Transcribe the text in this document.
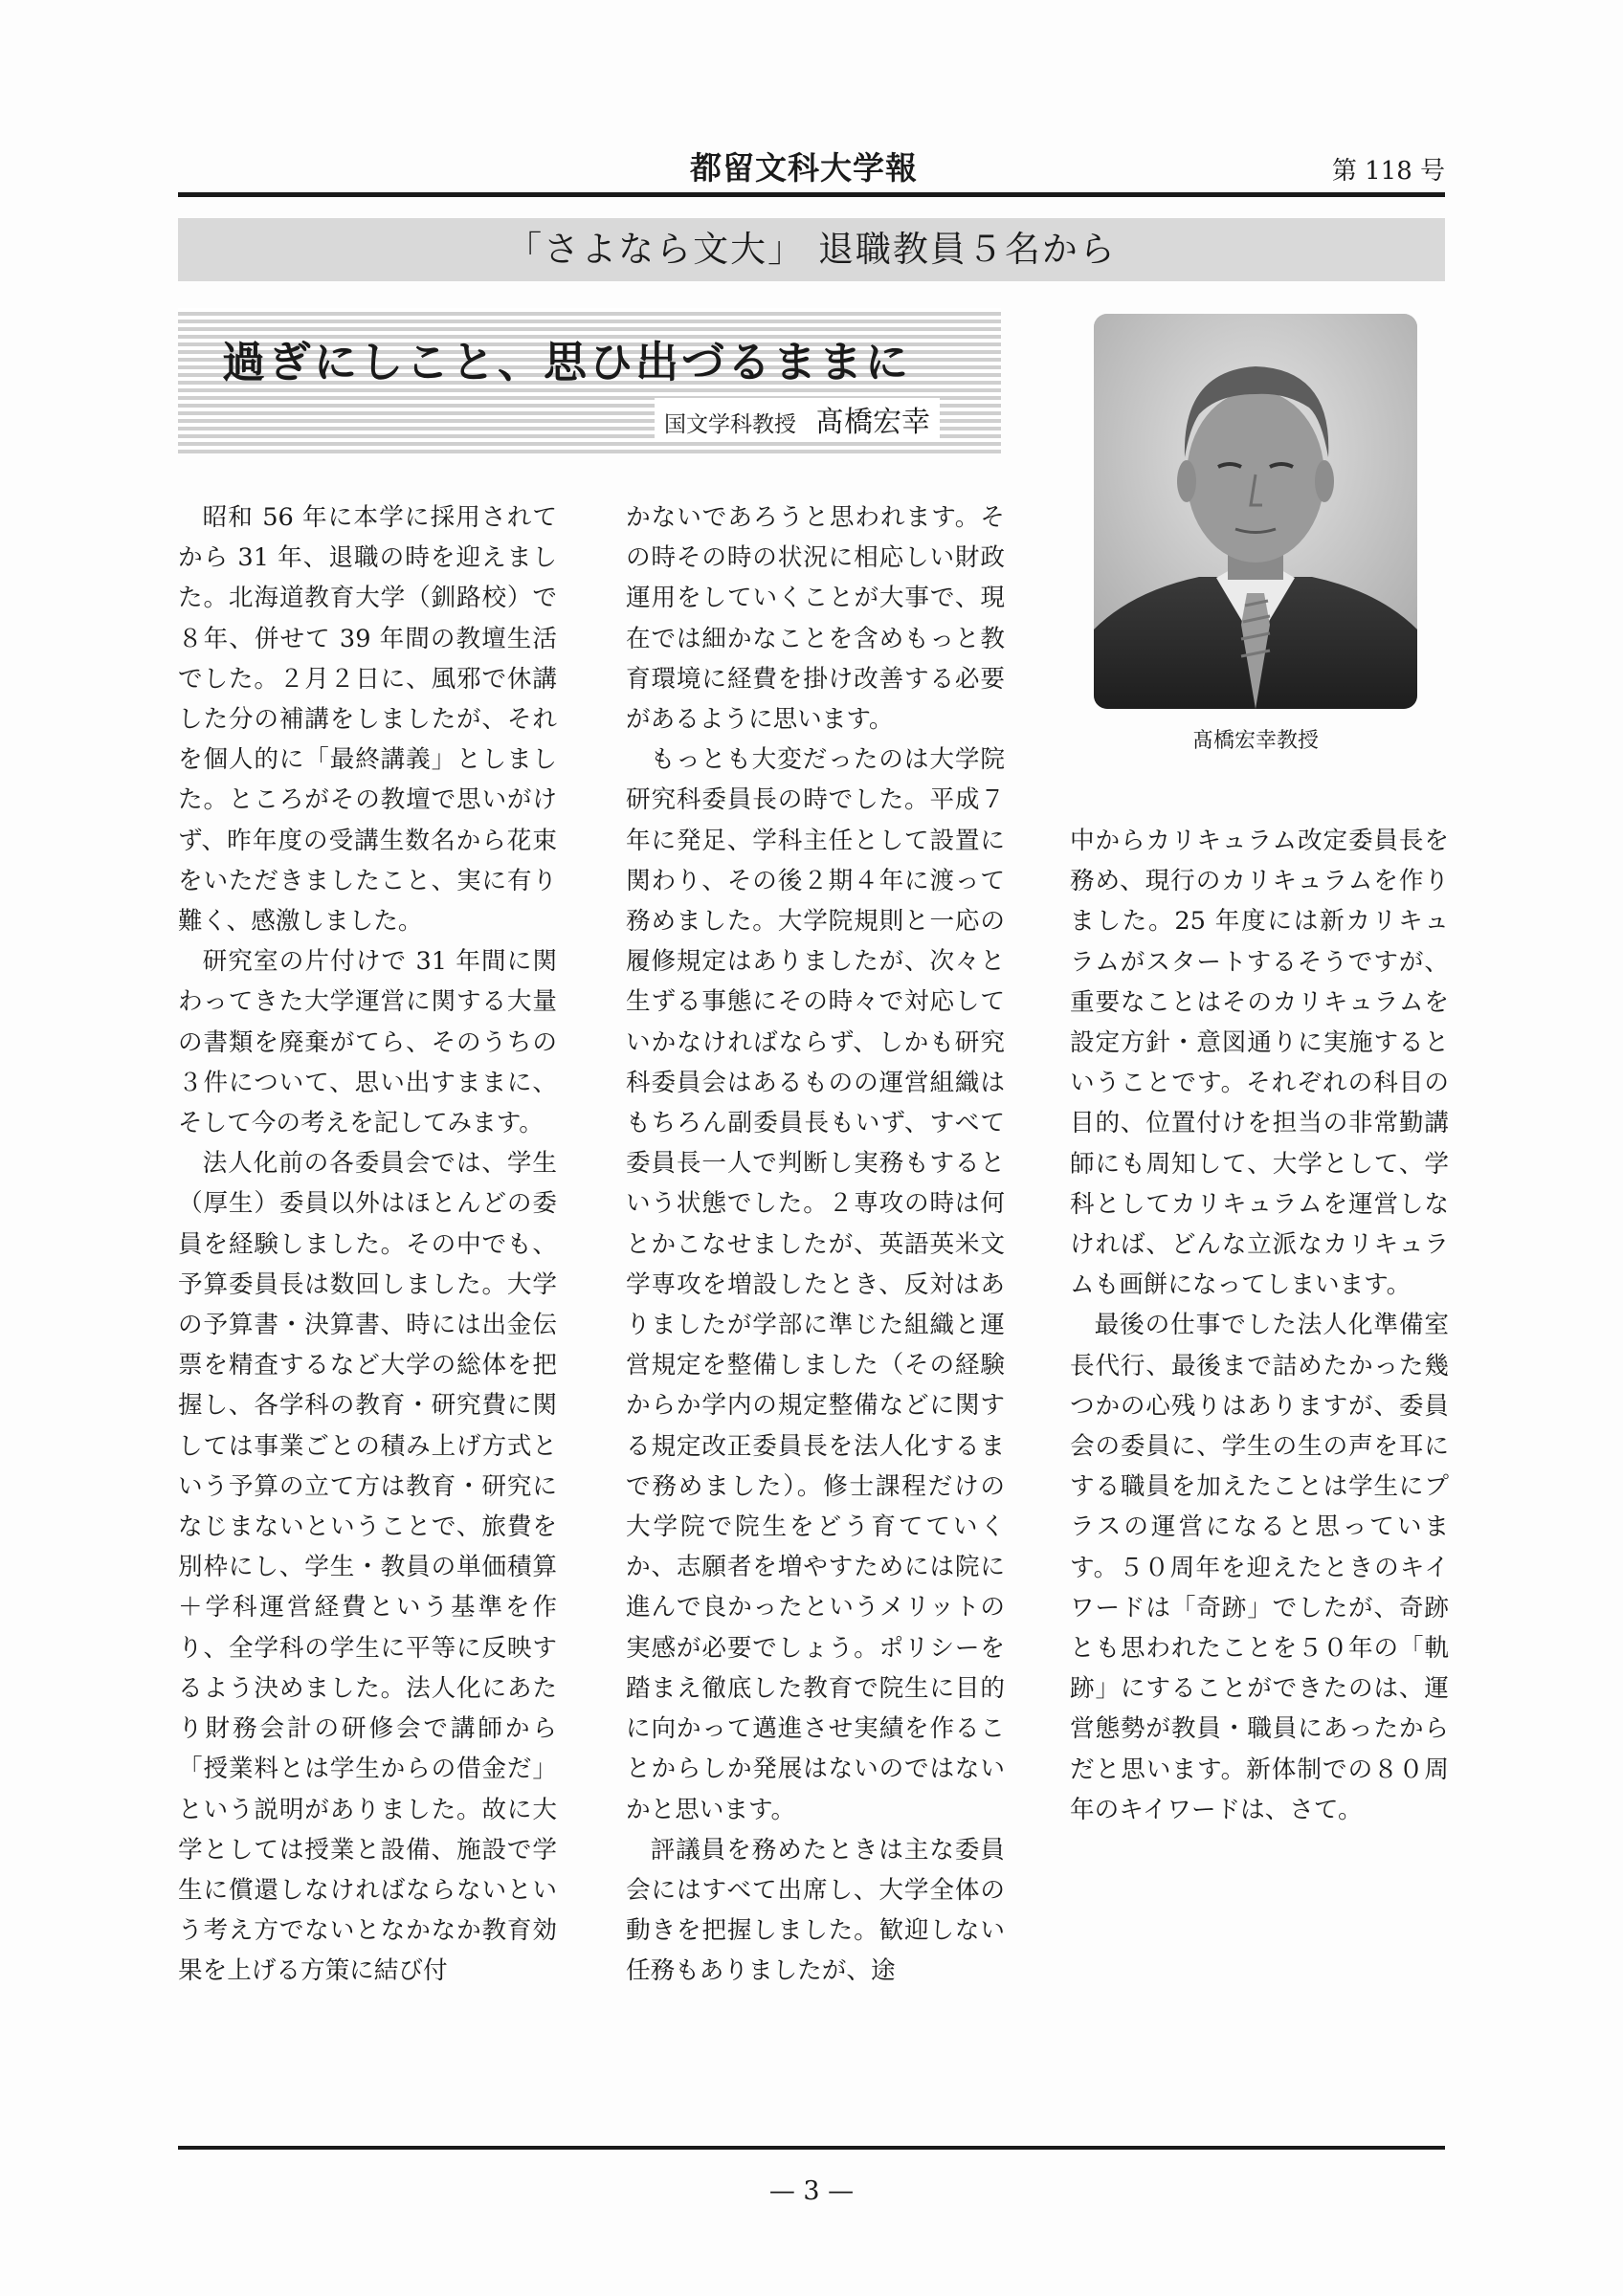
都留文科大学報	第 118 号
「さよなら文大」 退職教員５名から
過ぎにしこと、思ひ出づるままに
国文学科教授 髙橋宏幸
髙橋宏幸教授

昭和 56 年に本学に採用されてから 31 年、退職の時を迎えました。北海道教育大学（釧路校）で８年、併せて 39 年間の教壇生活でした。２月２日に、風邪で休講した分の補講をしましたが、それを個人的に「最終講義」としました。ところがその教壇で思いがけず、昨年度の受講生数名から花束をいただきましたこと、実に有り難く、感激しました。

研究室の片付けで 31 年間に関わってきた大学運営に関する大量の書類を廃棄がてら、そのうちの３件について、思い出すままに、そして今の考えを記してみます。

法人化前の各委員会では、学生（厚生）委員以外はほとんどの委員を経験しました。その中でも、予算委員長は数回しました。大学の予算書・決算書、時には出金伝票を精査するなど大学の総体を把握し、各学科の教育・研究費に関しては事業ごとの積み上げ方式という予算の立て方は教育・研究になじまないということで、旅費を別枠にし、学生・教員の単価積算＋学科運営経費という基準を作り、全学科の学生に平等に反映するよう決めました。法人化にあたり財務会計の研修会で講師から「授業料とは学生からの借金だ」という説明がありました。故に大学としては授業と設備、施設で学生に償還しなければならないという考え方でないとなかなか教育効果を上げる方策に結び付

かないであろうと思われます。その時その時の状況に相応しい財政運用をしていくことが大事で、現在では細かなことを含めもっと教育環境に経費を掛け改善する必要があるように思います。

もっとも大変だったのは大学院研究科委員長の時でした。平成７年に発足、学科主任として設置に関わり、その後２期４年に渡って務めました。大学院規則と一応の履修規定はありましたが、次々と生ずる事態にその時々で対応していかなければならず、しかも研究科委員会はあるものの運営組織はもちろん副委員長もいず、すべて委員長一人で判断し実務もするという状態でした。２専攻の時は何とかこなせましたが、英語英米文学専攻を増設したとき、反対はありましたが学部に準じた組織と運営規定を整備しました（その経験からか学内の規定整備などに関する規定改正委員長を法人化するまで務めました）。修士課程だけの大学院で院生をどう育てていくか、志願者を増やすためには院に進んで良かったというメリットの実感が必要でしょう。ポリシーを踏まえ徹底した教育で院生に目的に向かって邁進させ実績を作ることからしか発展はないのではないかと思います。

評議員を務めたときは主な委員会にはすべて出席し、大学全体の動きを把握しました。歓迎しない任務もありましたが、途

中からカリキュラム改定委員長を務め、現行のカリキュラムを作りました。25 年度には新カリキュラムがスタートするそうですが、重要なことはそのカリキュラムを設定方針・意図通りに実施するということです。それぞれの科目の目的、位置付けを担当の非常勤講師にも周知して、大学として、学科としてカリキュラムを運営しなければ、どんな立派なカリキュラムも画餅になってしまいます。

最後の仕事でした法人化準備室長代行、最後まで詰めたかった幾つかの心残りはありますが、委員会の委員に、学生の生の声を耳にする職員を加えたことは学生にプラスの運営になると思っています。５０周年を迎えたときのキイワードは「奇跡」でしたが、奇跡とも思われたことを５０年の「軌跡」にすることができたのは、運営態勢が教員・職員にあったからだと思います。新体制での８０周年のキイワードは、さて。

— 3 —
